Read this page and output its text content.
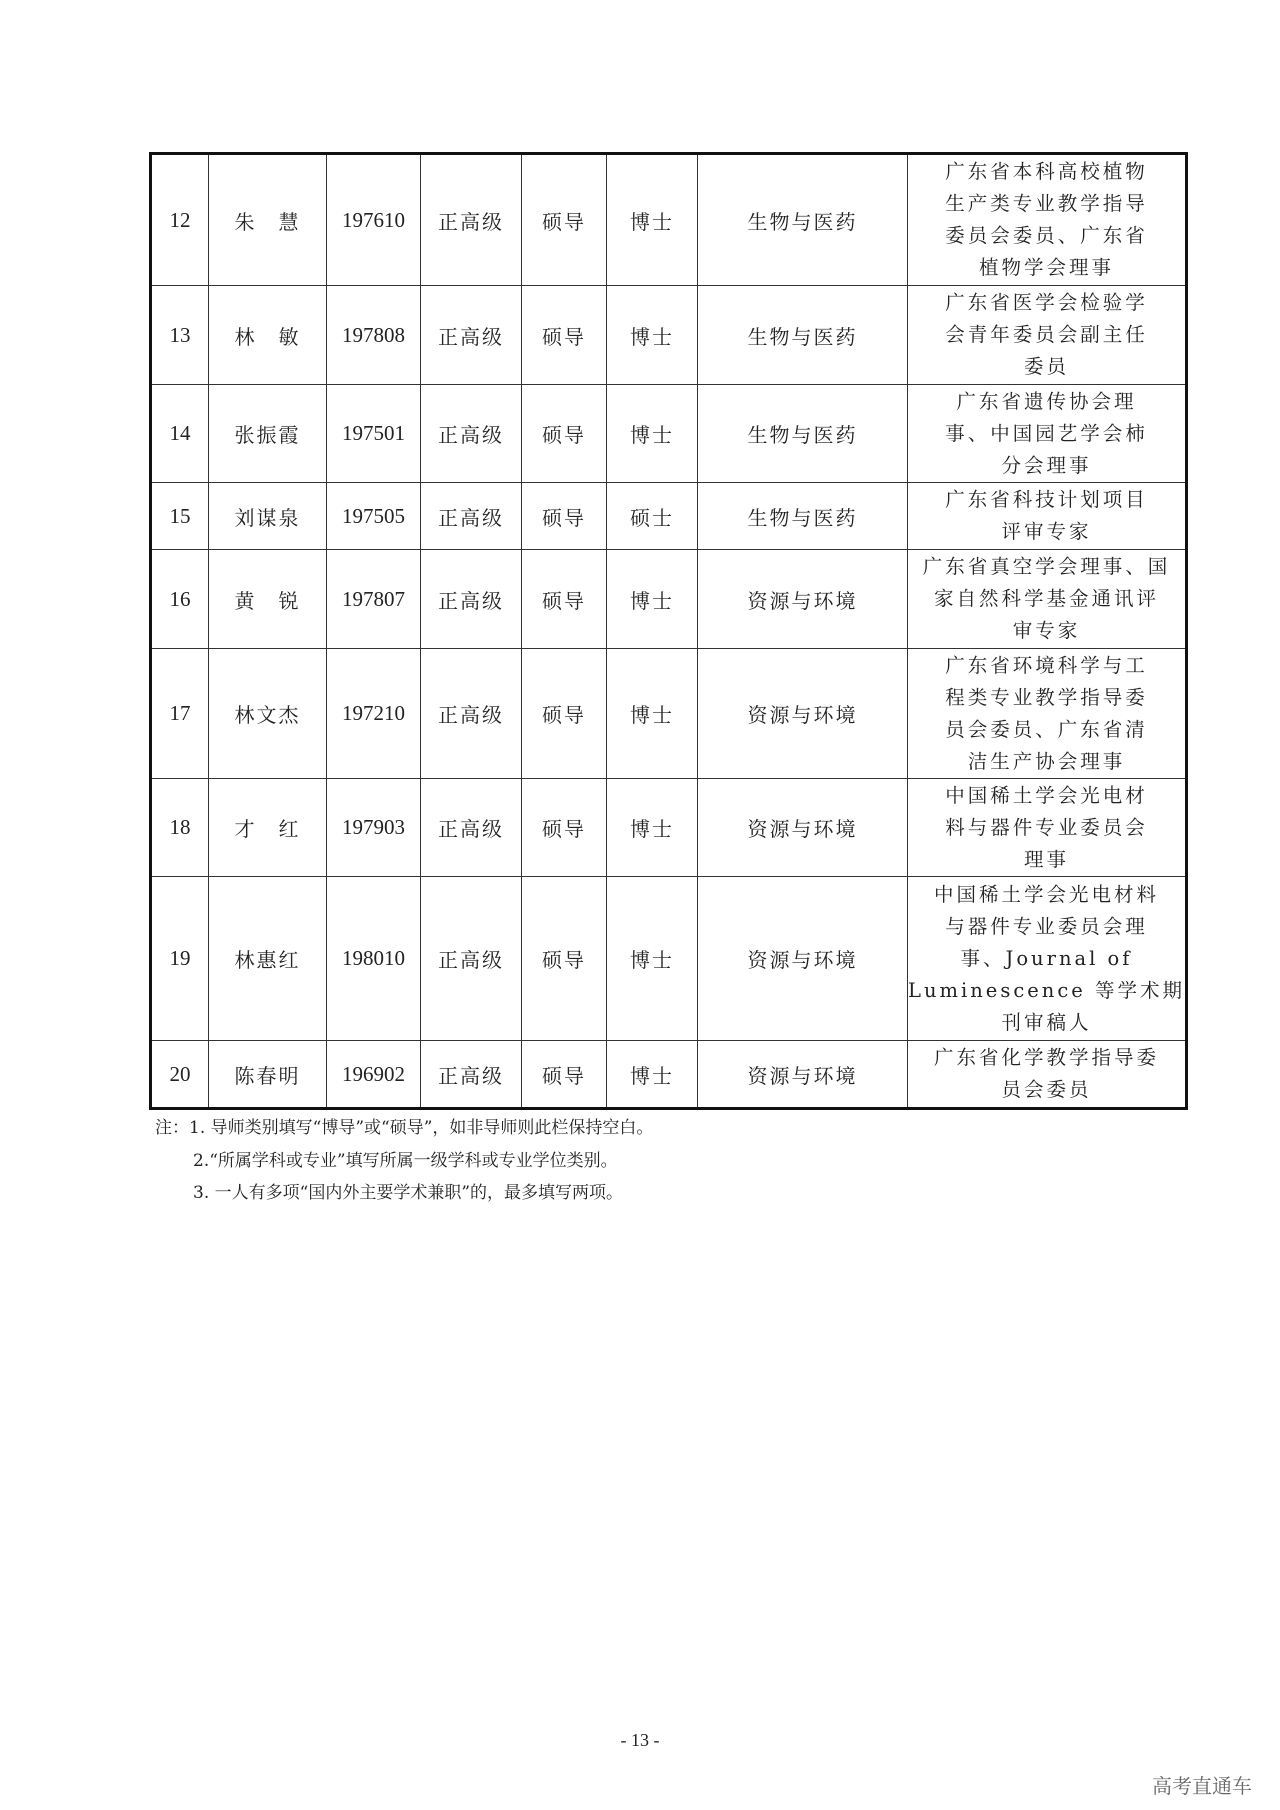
12	朱　慧	197610	正高级	硕导	博士	生物与医药	广东省本科高校植物
生产类专业教学指导
委员会委员、广东省
植物学会理事

13	林　敏	197808	正高级	硕导	博士	生物与医药	广东省医学会检验学
会青年委员会副主任
委员

14	张振霞	197501	正高级	硕导	博士	生物与医药	广东省遗传协会理
事、中国园艺学会柿
分会理事

15	刘谋泉	197505	正高级	硕导	硕士	生物与医药	广东省科技计划项目
评审专家

16	黄　锐	197807	正高级	硕导	博士	资源与环境	广东省真空学会理事、国
家自然科学基金通讯评
审专家

17	林文杰	197210	正高级	硕导	博士	资源与环境	广东省环境科学与工
程类专业教学指导委
员会委员、广东省清
洁生产协会理事

18	才　红	197903	正高级	硕导	博士	资源与环境	中国稀土学会光电材
料与器件专业委员会
理事

19	林惠红	198010	正高级	硕导	博士	资源与环境	中国稀土学会光电材料
与器件专业委员会理
事、Journal of
Luminescence 等学术期
刊审稿人

20	陈春明	196902	正高级	硕导	博士	资源与环境	广东省化学教学指导委
员会委员
注：1. 导师类别填写“博导”或“硕导”，如非导师则此栏保持空白。
2.“所属学科或专业”填写所属一级学科或专业学位类别。
3. 一人有多项“国内外主要学术兼职”的，最多填写两项。
- 13 -
高考直通车
